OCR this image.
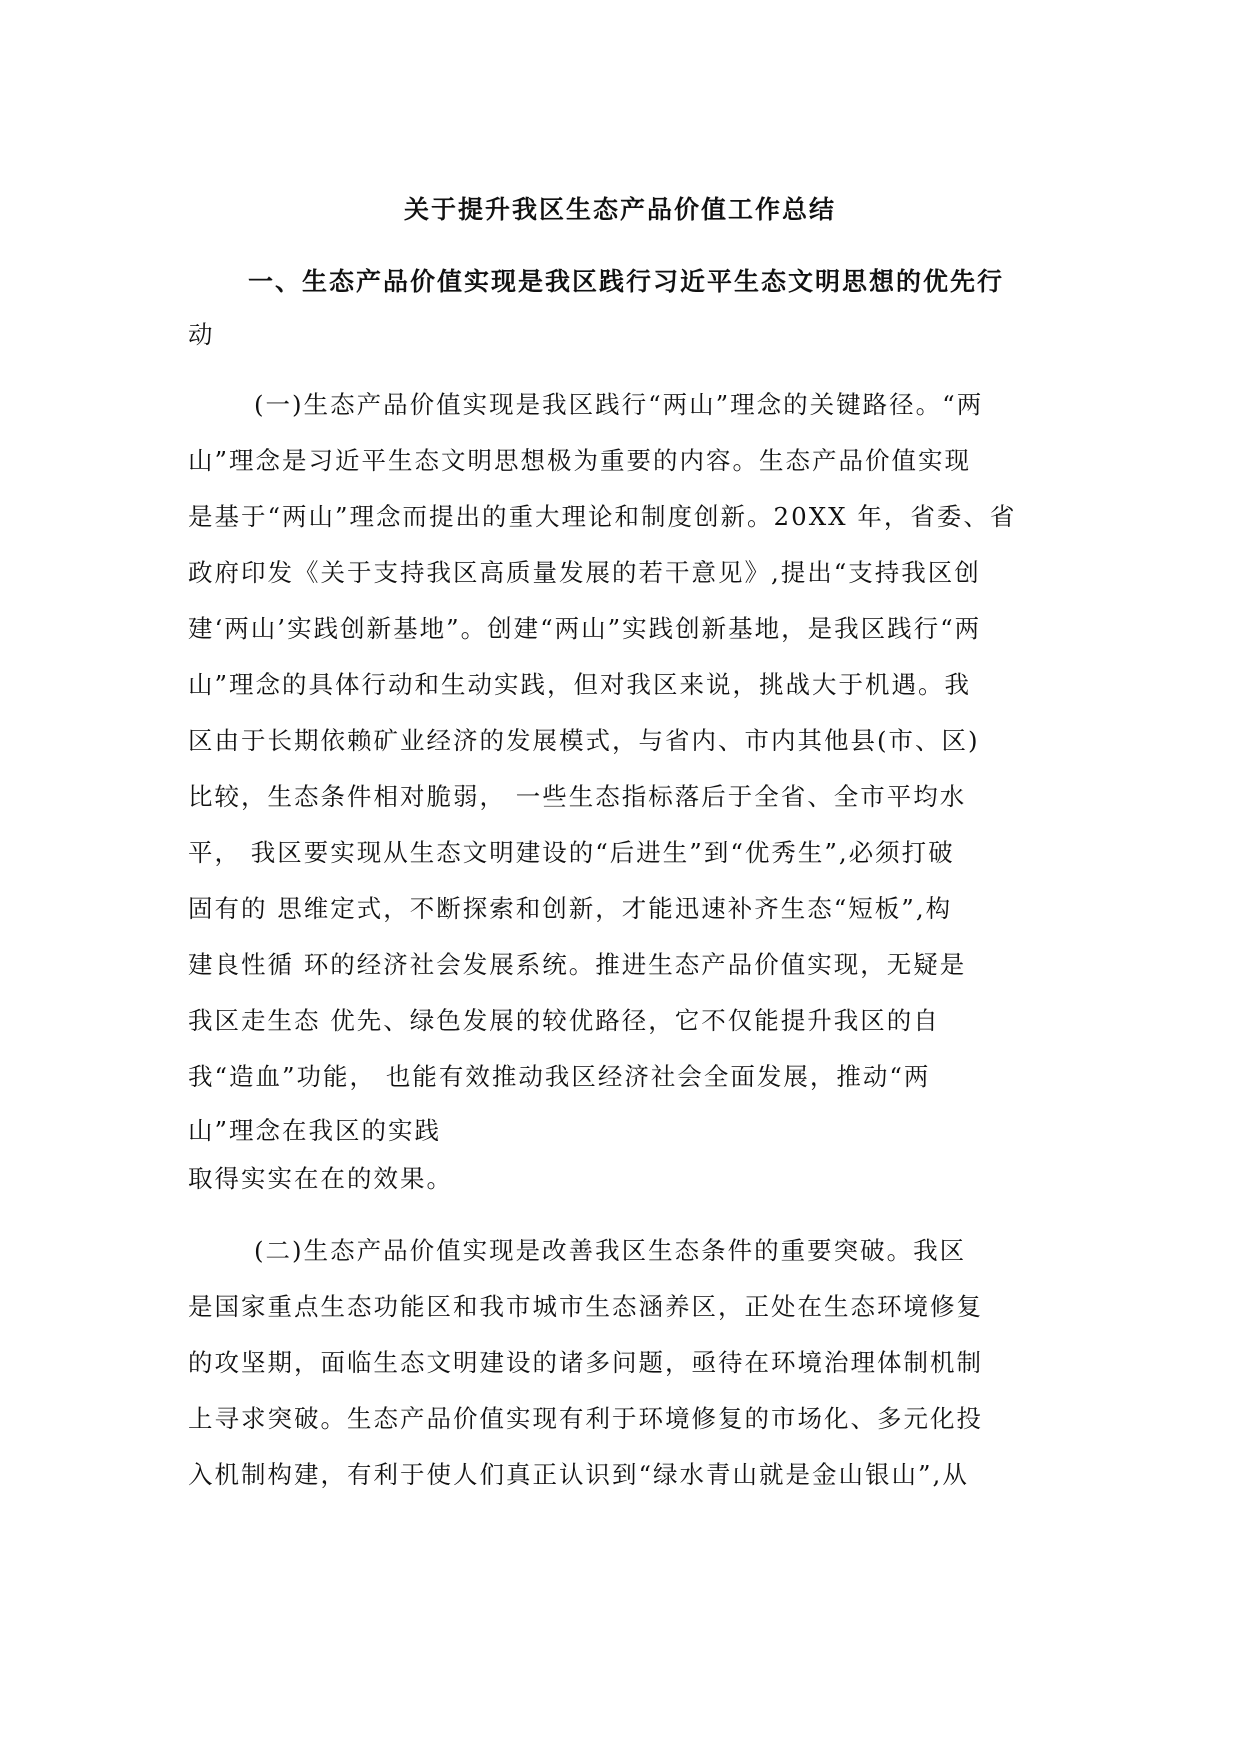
关于提升我区生态产品价值工作总结
一、生态产品价值实现是我区践行习近平生态文明思想的优先行
动
(一)生态产品价值实现是我区践行“两山”理念的关键路径。“两
山”理念是习近平生态文明思想极为重要的内容。生态产品价值实现
是基于“两山”理念而提出的重大理论和制度创新。20XX 年，省委、省
政府印发《关于支持我区高质量发展的若干意见》,提出“支持我区创
建‘两山’实践创新基地”。创建“两山”实践创新基地，是我区践行“两
山”理念的具体行动和生动实践，但对我区来说，挑战大于机遇。我
区由于长期依赖矿业经济的发展模式，与省内、市内其他县(市、区)
比较，生态条件相对脆弱， 一些生态指标落后于全省、全市平均水
平， 我区要实现从生态文明建设的“后进生”到“优秀生”,必须打破
固有的 思维定式，不断探索和创新，才能迅速补齐生态“短板”,构
建良性循 环的经济社会发展系统。推进生态产品价值实现，无疑是
我区走生态 优先、绿色发展的较优路径，它不仅能提升我区的自
我“造血”功能， 也能有效推动我区经济社会全面发展，推动“两
山”理念在我区的实践
取得实实在在的效果。
(二)生态产品价值实现是改善我区生态条件的重要突破。我区
是国家重点生态功能区和我市城市生态涵养区，正处在生态环境修复
的攻坚期，面临生态文明建设的诸多问题，亟待在环境治理体制机制
上寻求突破。生态产品价值实现有利于环境修复的市场化、多元化投
入机制构建，有利于使人们真正认识到“绿水青山就是金山银山”,从
